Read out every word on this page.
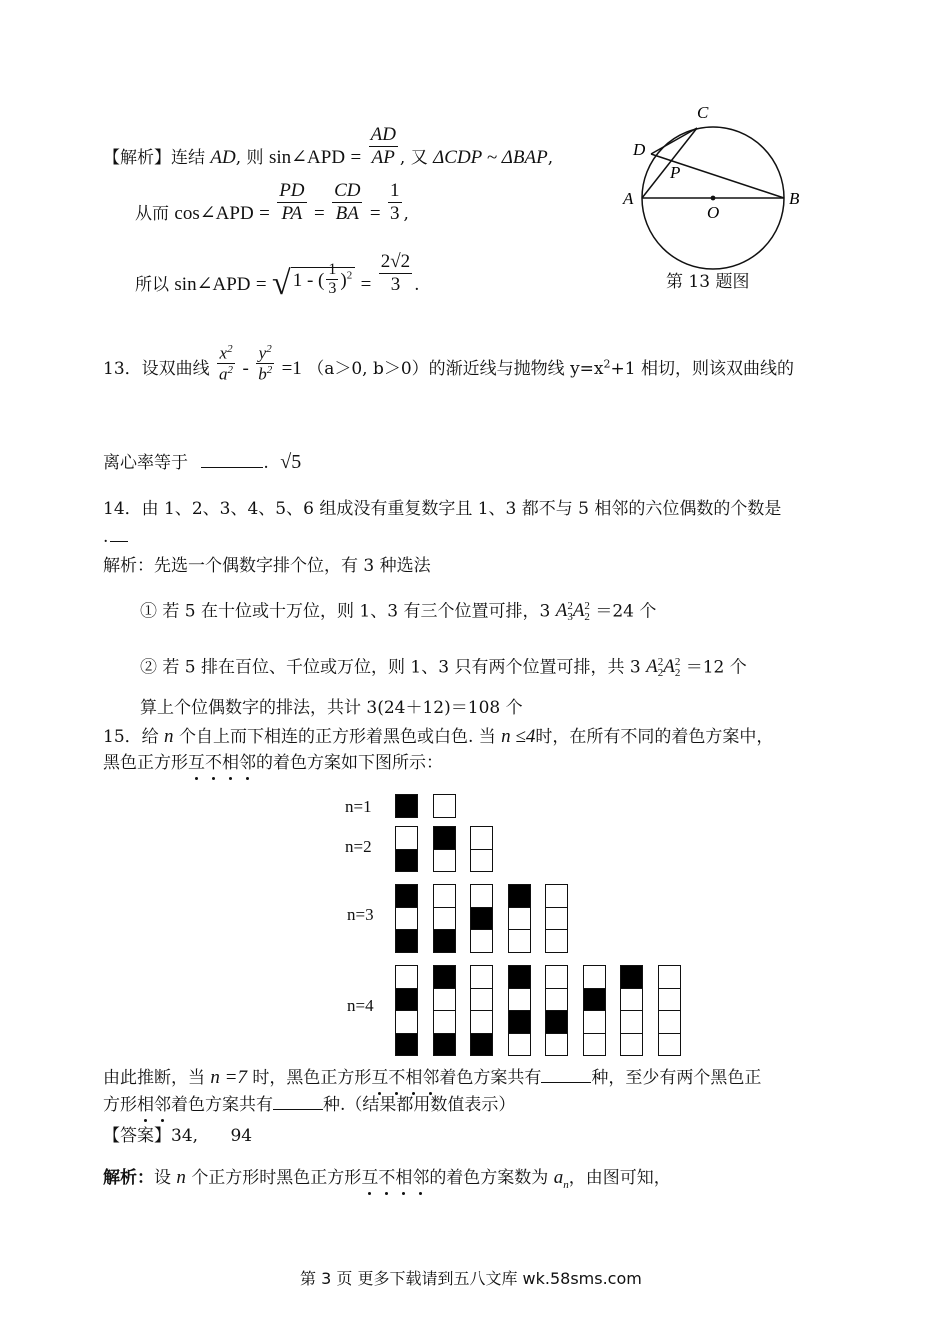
【解析】连结 AD, 则 sin∠APD = $\frac{AD}{AP}$ , 又 ΔCDP ~ ΔBAP,
从而 cos∠APD = $\frac{PD}{PA} = \frac{CD}{BA} = \frac{1}{3}$ ,
所以 sin∠APD = √ 1 - ( $\frac{1}{3} )^2 = \frac{2√2}{3}$ .
C
D
P
A
O
B
第 13 题图
13．设双曲线 $\frac{x^2}{a^2} - \frac{y^2}{b^2} =1$ （a＞0, b＞0）的渐近线与抛物线 $y=x^2+1$ 相切，则该双曲线的
离心率等于	. √5
14．由 1、2、3、4、5、6 组成没有重复数字且 1、3 都不与 5 相邻的六位偶数的个数是
.
解析：先选一个偶数字排个位，有 3 种选法
① 若 5 在十位或十万位，则 1、3 有三个位置可排，3 A 2
3 A 2
2 ＝24 个
② 若 5 排在百位、千位或万位，则 1、3 只有两个位置可排，共 3 A 2
2 A 2
2 ＝12 个
算上个位偶数字的排法，共计 3(24＋12)＝108 个
15．给 n 个自上而下相连的正方形着黑色或白色. 当 n ≤4时，在所有不同的着色方案中，
黑色正方形互不相邻的着色方案如下图所示：
n=1
n=2
n=3
n=4
由此推断，当 n =7 时，黑色正方形互不相邻着色方案共有	种，至少有两个黑色正
方形相邻着色方案共有	种.（结果都用数值表示）
【答案】34,      94
解析：设 n 个正方形时黑色正方形互不相邻的着色方案数为 $a_n$，由图可知，
第 3 页 更多下载请到五八文库 wk.58sms.com
